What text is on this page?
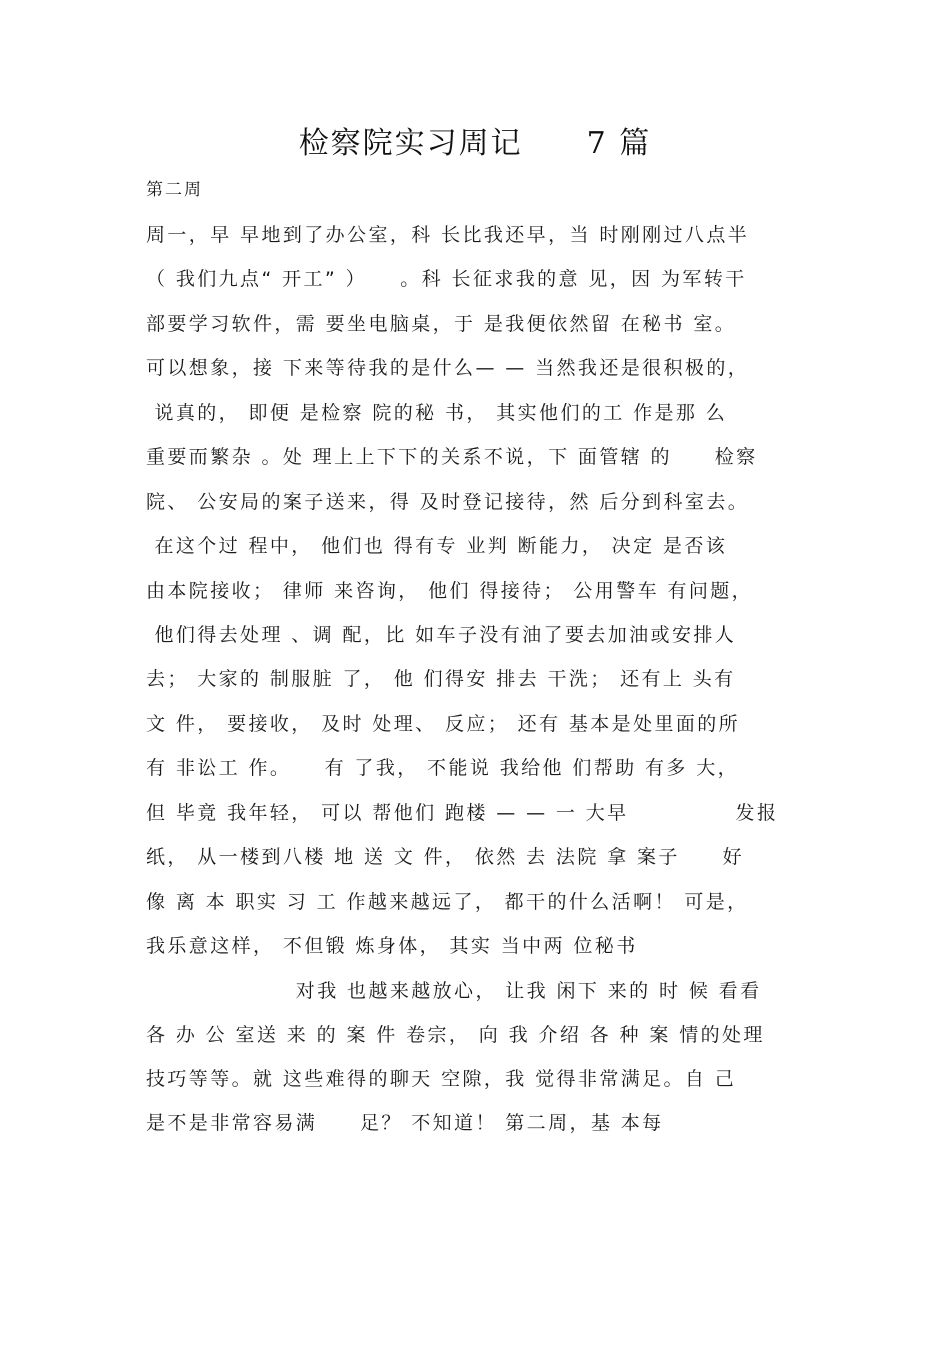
检察院实习周记　　7 篇
第二周
周一，早 早地到了办公室，科 长比我还早，当 时刚刚过八点半
（ 我们九点“ 开工” ）　　。科 长征求我的意 见，因 为军转干
部要学习软件，需 要坐电脑桌，于 是我便依然留 在秘书 室。
可以想象，接 下来等待我的是什么— — 当然我还是很积极的，
说真的， 即便 是检察 院的秘 书， 其实他们的工 作是那 么
重要而繁杂 。处 理上上下下的关系不说，下 面管辖 的　　检察
院、 公安局的案子送来，得 及时登记接待，然 后分到科室去。
在这个过 程中， 他们也 得有专 业判 断能力， 决定 是否该
由本院接收； 律师 来咨询， 他们 得接待； 公用警车 有问题，
他们得去处理 、调 配，比 如车子没有油了要去加油或安排人
去； 大家的 制服脏 了， 他 们得安 排去 干洗； 还有上 头有
文 件， 要接收， 及时 处理、 反应； 还有 基本是处里面的所
有 非讼工 作。　　有 了我， 不能说 我给他 们帮助 有多 大，
但 毕竟 我年轻， 可以 帮他们 跑楼 — — 一 大早　　　　　发报
纸， 从一楼到八楼 地 送 文 件， 依然 去 法院 拿 案子　　好
像 离 本 职实 习 工 作越来越远了， 都干的什么活啊！ 可是，
我乐意这样， 不但锻 炼身体， 其实 当中两 位秘书
　　　　　　　对我 也越来越放心， 让我 闲下 来的 时 候 看看
各 办 公 室送 来 的 案 件 卷宗， 向 我 介绍 各 种 案 情的处理
技巧等等。就 这些难得的聊天 空隙，我 觉得非常满足。自 己
是不是非常容易满　　足？ 不知道！ 第二周，基 本每
